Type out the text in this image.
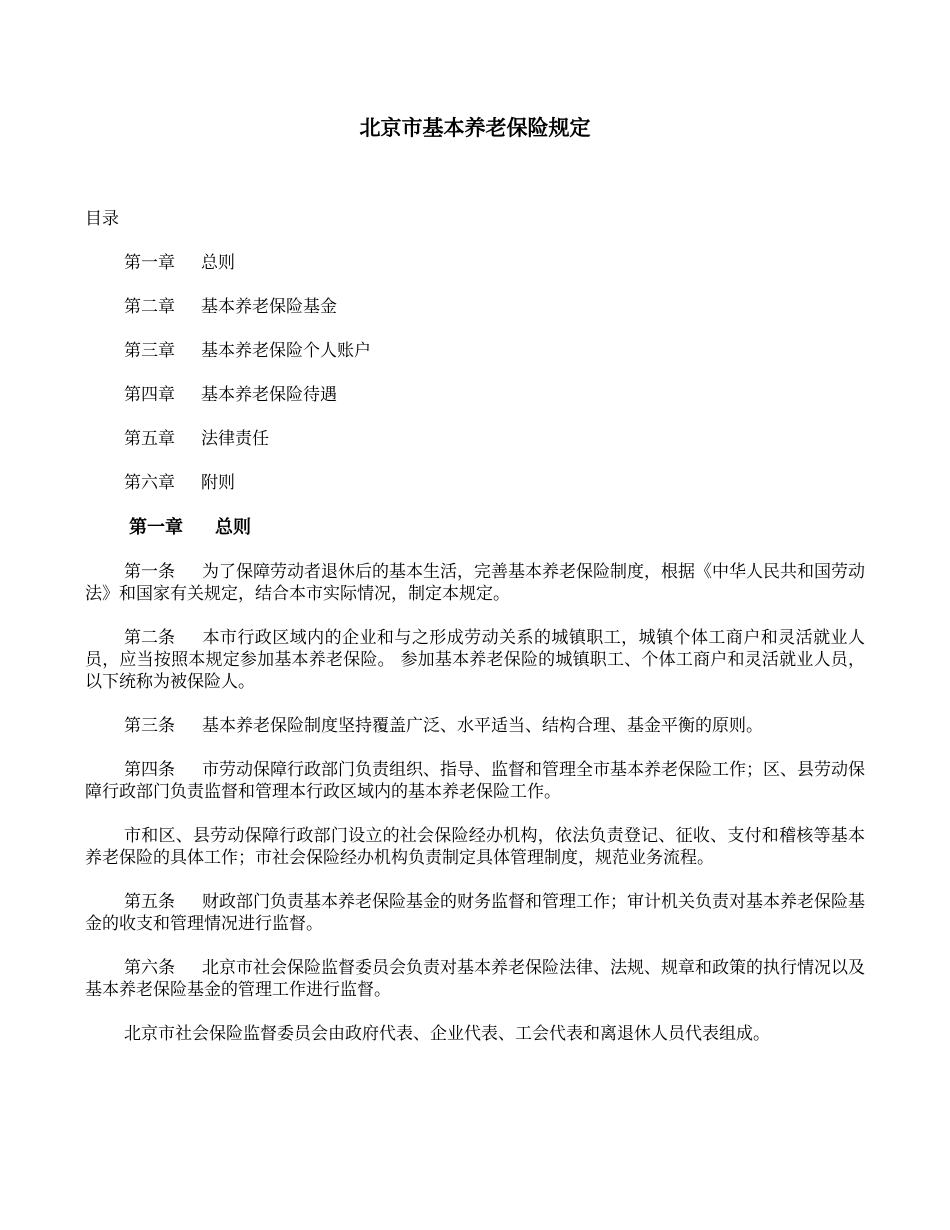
北京市基本养老保险规定
目录
第一章 总则
第二章 基本养老保险基金
第三章 基本养老保险个人账户
第四章 基本养老保险待遇
第五章 法律责任
第六章 附则
第一章 总则

第一条 为了保障劳动者退休后的基本生活，完善基本养老保险制度，根据《中华人民共和国劳动法》和国家有关规定，结合本市实际情况，制定本规定。

第二条 本市行政区域内的企业和与之形成劳动关系的城镇职工，城镇个体工商户和灵活就业人员，应当按照本规定参加基本养老保险。 参加基本养老保险的城镇职工、个体工商户和灵活就业人员，以下统称为被保险人。

第三条 基本养老保险制度坚持覆盖广泛、水平适当、结构合理、基金平衡的原则。

第四条 市劳动保障行政部门负责组织、指导、监督和管理全市基本养老保险工作；区、县劳动保障行政部门负责监督和管理本行政区域内的基本养老保险工作。

市和区、县劳动保障行政部门设立的社会保险经办机构，依法负责登记、征收、支付和稽核等基本养老保险的具体工作；市社会保险经办机构负责制定具体管理制度，规范业务流程。

第五条 财政部门负责基本养老保险基金的财务监督和管理工作；审计机关负责对基本养老保险基金的收支和管理情况进行监督。

第六条 北京市社会保险监督委员会负责对基本养老保险法律、法规、规章和政策的执行情况以及基本养老保险基金的管理工作进行监督。

北京市社会保险监督委员会由政府代表、企业代表、工会代表和离退休人员代表组成。
